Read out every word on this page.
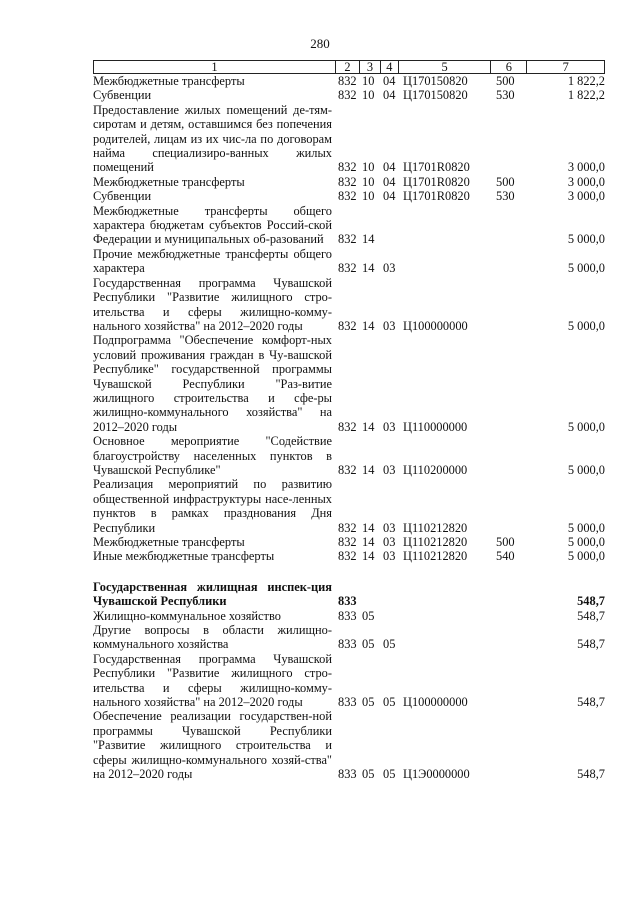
280
1	2	3	4	5	6	7
Межбюджетные трансферты	832 10 04 Ц170150820	500	1 822,2
Субвенции	832 10 04 Ц170150820	530	1 822,2
Предоставление жилых помещений де-тям-сиротам и детям, оставшимся без попечения родителей, лицам из их чис-ла по договорам найма специализиро-ванных жилых помещений	832 10 04 Ц1701R0820	3 000,0
Межбюджетные трансферты	832 10 04 Ц1701R0820	500	3 000,0
Субвенции	832 10 04 Ц1701R0820	530	3 000,0
Межбюджетные трансферты общего характера бюджетам субъектов Россий-ской Федерации и муниципальных об-разований	832 14	5 000,0
Прочие межбюджетные трансферты общего характера	832 14 03	5 000,0
Государственная программа Чувашской Республики "Развитие жилищного стро-ительства и сферы жилищно-комму-нального хозяйства" на 2012–2020 годы	832 14 03 Ц100000000	5 000,0
Подпрограмма "Обеспечение комфорт-ных условий проживания граждан в Чу-вашской Республике" государственной программы Чувашской Республики "Раз-витие жилищного строительства и сфе-ры жилищно-коммунального хозяйства" на 2012–2020 годы	832 14 03 Ц110000000	5 000,0
Основное мероприятие "Содействие благоустройству населенных пунктов в Чувашской Республике"	832 14 03 Ц110200000	5 000,0
Реализация мероприятий по развитию общественной инфраструктуры насе-ленных пунктов в рамках празднования Дня Республики	832 14 03 Ц110212820	5 000,0
Межбюджетные трансферты	832 14 03 Ц110212820	500	5 000,0
Иные межбюджетные трансферты	832 14 03 Ц110212820	540	5 000,0
Государственная жилищная инспек-ция Чувашской Республики	833	548,7
Жилищно-коммунальное хозяйство	833 05	548,7
Другие вопросы в области жилищно-коммунального хозяйства	833 05 05	548,7
Государственная программа Чувашской Республики "Развитие жилищного стро-ительства и сферы жилищно-комму-нального хозяйства" на 2012–2020 годы	833 05 05 Ц100000000	548,7
Обеспечение реализации государствен-ной программы Чувашской Республики "Развитие жилищного строительства и сферы жилищно-коммунального хозяй-ства" на 2012–2020 годы	833 05 05 Ц1Э0000000	548,7
